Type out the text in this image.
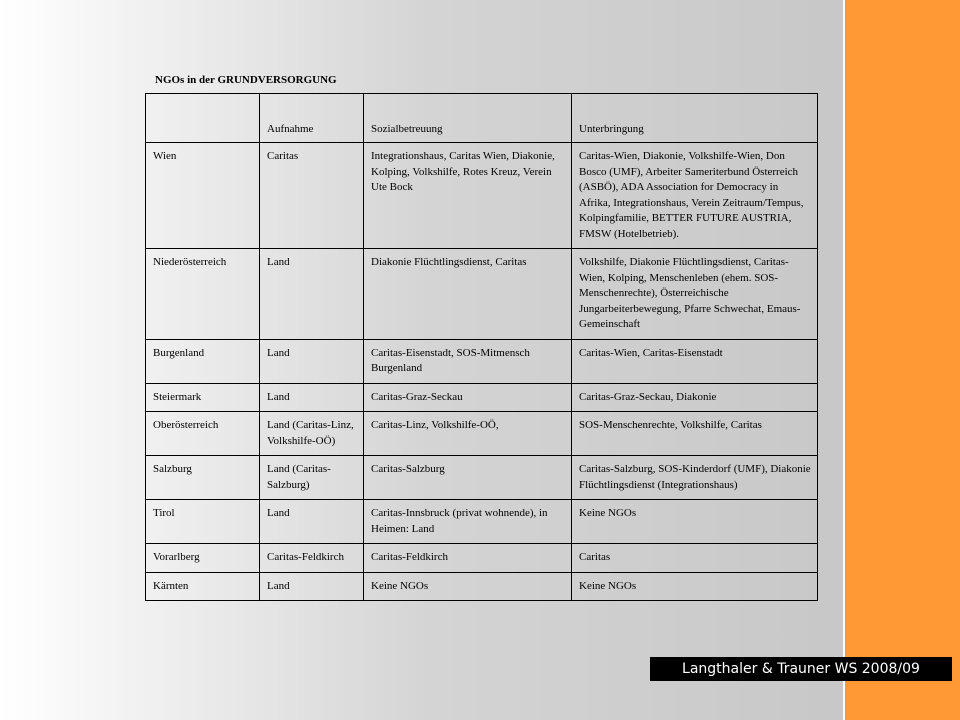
NGOs in der GRUNDVERSORGUNG
	Aufnahme	Sozialbetreuung	Unterbringung
Wien	Caritas	Integrationshaus, Caritas Wien, Diakonie, Kolping, Volkshilfe, Rotes Kreuz, Verein Ute Bock	Caritas-Wien, Diakonie, Volkshilfe-Wien, Don Bosco (UMF), Arbeiter Sameriterbund Österreich (ASBÖ), ADA Association for Democracy in Afrika, Integrationshaus, Verein Zeitraum/Tempus, Kolpingfamilie, BETTER FUTURE AUSTRIA, FMSW (Hotelbetrieb).
Niederösterreich	Land	Diakonie Flüchtlingsdienst, Caritas	Volkshilfe, Diakonie Flüchtlingsdienst, Caritas-Wien, Kolping, Menschenleben (ehem. SOS-Menschenrechte), Österreichische Jungarbeiterbewegung, Pfarre Schwechat, Emaus-Gemeinschaft
Burgenland	Land	Caritas-Eisenstadt, SOS-Mitmensch Burgenland	Caritas-Wien, Caritas-Eisenstadt
Steiermark	Land	Caritas-Graz-Seckau	Caritas-Graz-Seckau, Diakonie
Oberösterreich	Land (Caritas-Linz, Volkshilfe-OÖ)	Caritas-Linz, Volkshilfe-OÖ,	SOS-Menschenrechte, Volkshilfe, Caritas
Salzburg	Land (Caritas-Salzburg)	Caritas-Salzburg	Caritas-Salzburg, SOS-Kinderdorf (UMF), Diakonie Flüchtlingsdienst (Integrationshaus)
Tirol	Land	Caritas-Innsbruck (privat wohnende), in Heimen: Land	Keine NGOs
Vorarlberg	Caritas-Feldkirch	Caritas-Feldkirch	Caritas
Kärnten	Land	Keine NGOs	Keine NGOs
Langthaler & Trauner WS 2008/09
